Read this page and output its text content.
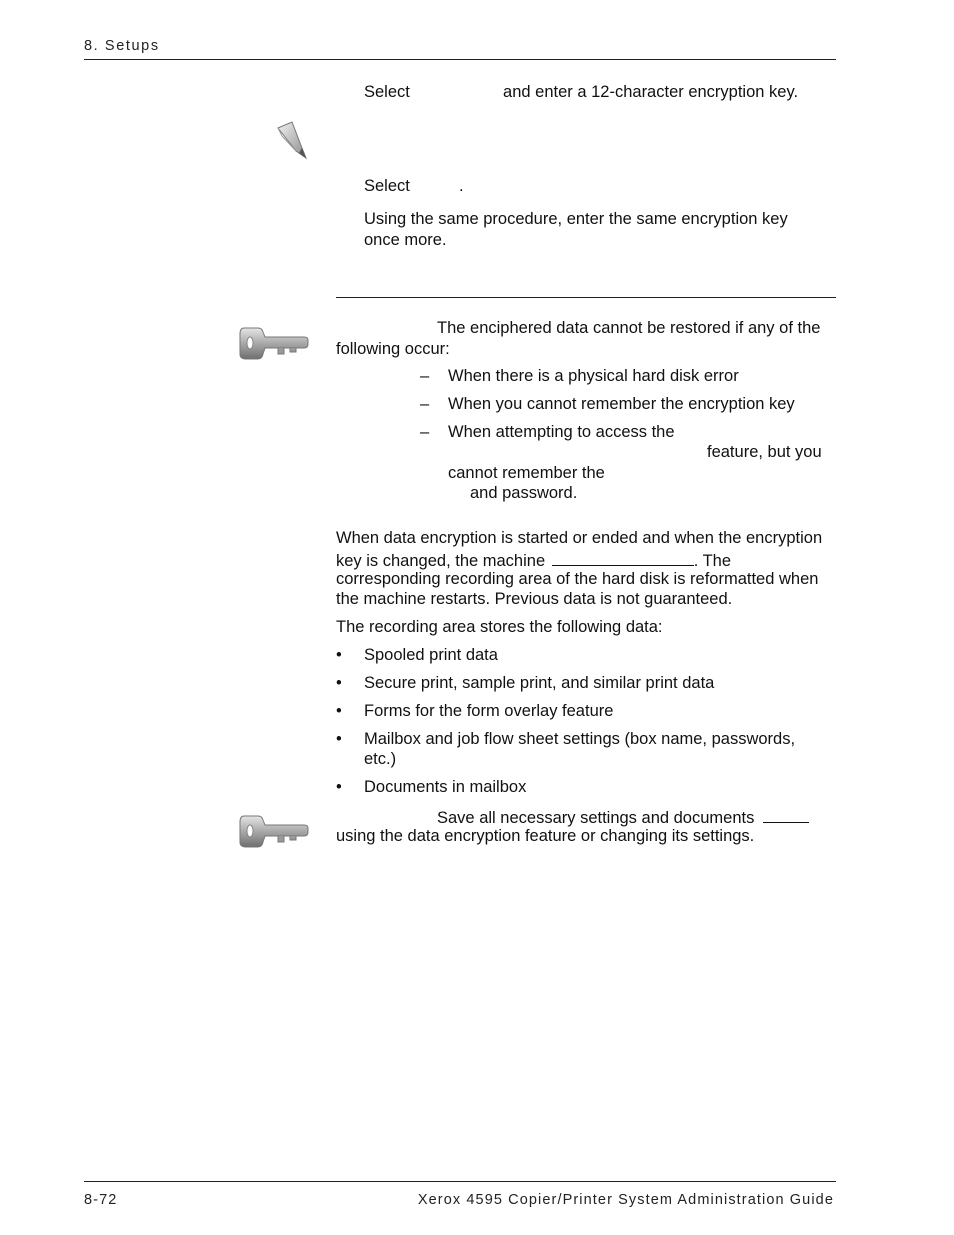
8. Setups
Select	and enter a 12-character encryption key.
Select	.
Using the same procedure, enter the same encryption key
once more.
The enciphered data cannot be restored if any of the
following occur:
– When there is a physical hard disk error
– When you cannot remember the encryption key
– When attempting to access the
feature, but you
cannot remember the
and password.
When data encryption is started or ended and when the encryption
key is changed, the machine	. The
corresponding recording area of the hard disk is reformatted when
the machine restarts. Previous data is not guaranteed.
The recording area stores the following data:
• Spooled print data
• Secure print, sample print, and similar print data
• Forms for the form overlay feature
• Mailbox and job flow sheet settings (box name, passwords,
etc.)
• Documents in mailbox
Save all necessary settings and documents
using the data encryption feature or changing its settings.
8-72	Xerox 4595 Copier/Printer System Administration Guide
